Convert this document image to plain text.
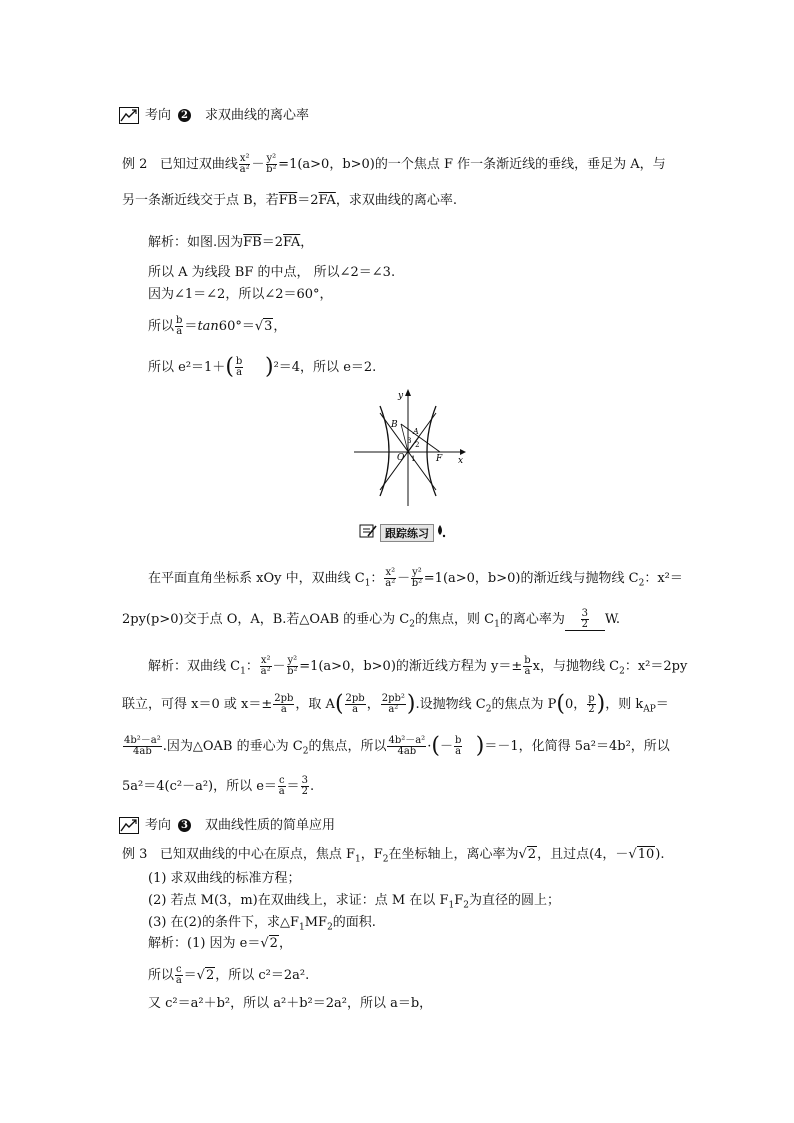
考向	2 求双曲线的离心率
例 2 已知过双曲线 $\frac{\text{x²}}{\text{a²}} - \frac{\text{y²}}{\text{b²}} =1(a>0$，b>0)的一个焦点 F 作一条渐近线的垂线，垂足为 A，与
另一条渐近线交于点 B，若$\overline{FB}=2\overline{FA}$，求双曲线的离心率.
解析：如图.因为$\overline{FB}=2\overline{FA}$，
所以 A 为线段 BF 的中点， 所以∠2＝∠3.
因为∠1＝∠2，所以∠2＝60°，
所以 $\frac{b}{a} =\tan 60^\circ=√3$，
所以 $e^2=1+( \frac{b}{a} )^2=4$，所以 e＝2.
y
x
B
A
O	F
1
2
3
跟踪练习
在平面直角坐标系 xOy 中，双曲线 $C_1$： $\frac{\text{x²}}{\text{a²}} - \frac{\text{y²}}{\text{b²}} =1(a>0$，b>0)的渐近线与抛物线 $C_2$：x²＝
2py(p>0)交于点 O，A，B.若△OAB 的垂心为 $C_2$的焦点，则 $C_1$的离心率为 $\frac{3}{2} W$.
解析：双曲线 $C_1$： $\frac{\text{x²}}{\text{a²}} - \frac{\text{y²}}{\text{b²}} =1(a>0$，b>0)的渐近线方程为 $y=\pm \frac{b}{a}$ x，与抛物线 $C_2$：x²＝2py
联立，可得 x＝0 或 $x=\pm \frac{2pb}{a}$ ，取 $A( \frac{2pb}{a}$ ， $\frac{\text{2pb²}}{\text{a²}}$ ).设抛物线 $C_2$的焦点为 P(0， $\frac{p}{2}$ )，则 $k_{AP}=$
$\frac{\text{4b²－a²}}{4ab}$ .因为△OAB 的垂心为 $C_2$的焦点，所以 $\frac{\text{4b²－a²}}{4ab}$ ·(－ $\frac{b}{a} )=-1$，化简得 5a²＝4b²，所以
5a²＝4(c²－a²)，所以 $e= \frac{c}{a} = \frac{3}{2}$ .
考向	3 双曲线性质的简单应用
例 3 已知双曲线的中心在原点，焦点 $F_1$，$F_2$在坐标轴上，离心率为√2，且过点(4，－√10).
(1) 求双曲线的标准方程；
(2) 若点 M(3，m)在双曲线上，求证：点 M 在以 $F_1F_2$为直径的圆上；
(3) 在(2)的条件下，求$\triangle F_1MF_2$的面积.
解析：(1) 因为 e＝√2，
所以 $\frac{c}{a} =√2$，所以 c²＝2a².
又 c²＝a²＋b²，所以 a²＋b²＝2a²，所以 a＝b，
